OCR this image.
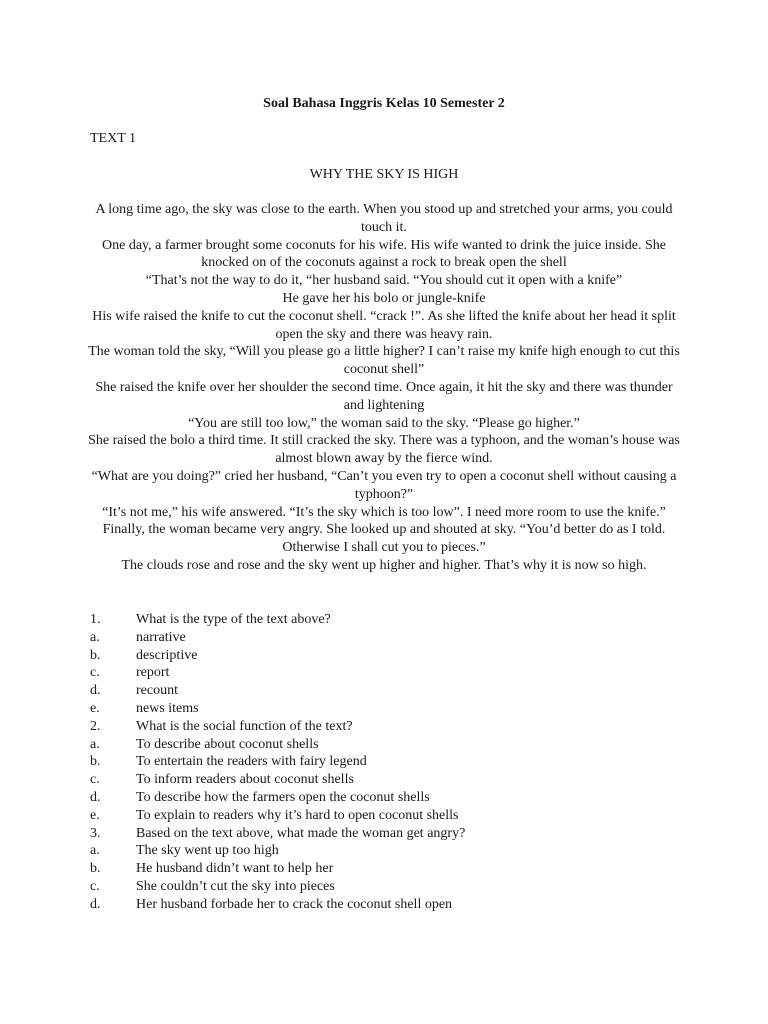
Soal Bahasa Inggris Kelas 10 Semester 2
TEXT 1
WHY THE SKY IS HIGH

A long time ago, the sky was close to the earth. When you stood up and stretched your arms, you could touch it.

One day, a farmer brought some coconuts for his wife. His wife wanted to drink the juice inside. She knocked on of the coconuts against a rock to break open the shell

“That’s not the way to do it, “her husband said. “You should cut it open with a knife”

He gave her his bolo or jungle-knife

His wife raised the knife to cut the coconut shell. “crack !”. As she lifted the knife about her head it split open the sky and there was heavy rain.

The woman told the sky, “Will you please go a little higher? I can’t raise my knife high enough to cut this coconut shell”

She raised the knife over her shoulder the second time. Once again, it hit the sky and there was thunder and lightening

“You are still too low,” the woman said to the sky. “Please go higher.”

She raised the bolo a third time. It still cracked the sky. There was a typhoon, and the woman’s house was almost blown away by the fierce wind.

“What are you doing?” cried her husband, “Can’t you even try to open a coconut shell without causing a typhoon?”

“It’s not me,” his wife answered. “It’s the sky which is too low”. I need more room to use the knife.”

Finally, the woman became very angry. She looked up and shouted at sky. “You’d better do as I told. Otherwise I shall cut you to pieces.”

The clouds rose and rose and the sky went up higher and higher. That’s why it is now so high.

1.	What is the type of the text above?
a.	narrative
b.	descriptive
c.	report
d.	recount
e.	news items
2.	What is the social function of the text?
a.	To describe about coconut shells
b.	To entertain the readers with fairy legend
c.	To inform readers about coconut shells
d.	To describe how the farmers open the coconut shells
e.	To explain to readers why it’s hard to open coconut shells
3.	Based on the text above, what made the woman get angry?
a.	The sky went up too high
b.	He husband didn’t want to help her
c.	She couldn’t cut the sky into pieces
d.	Her husband forbade her to crack the coconut shell open
